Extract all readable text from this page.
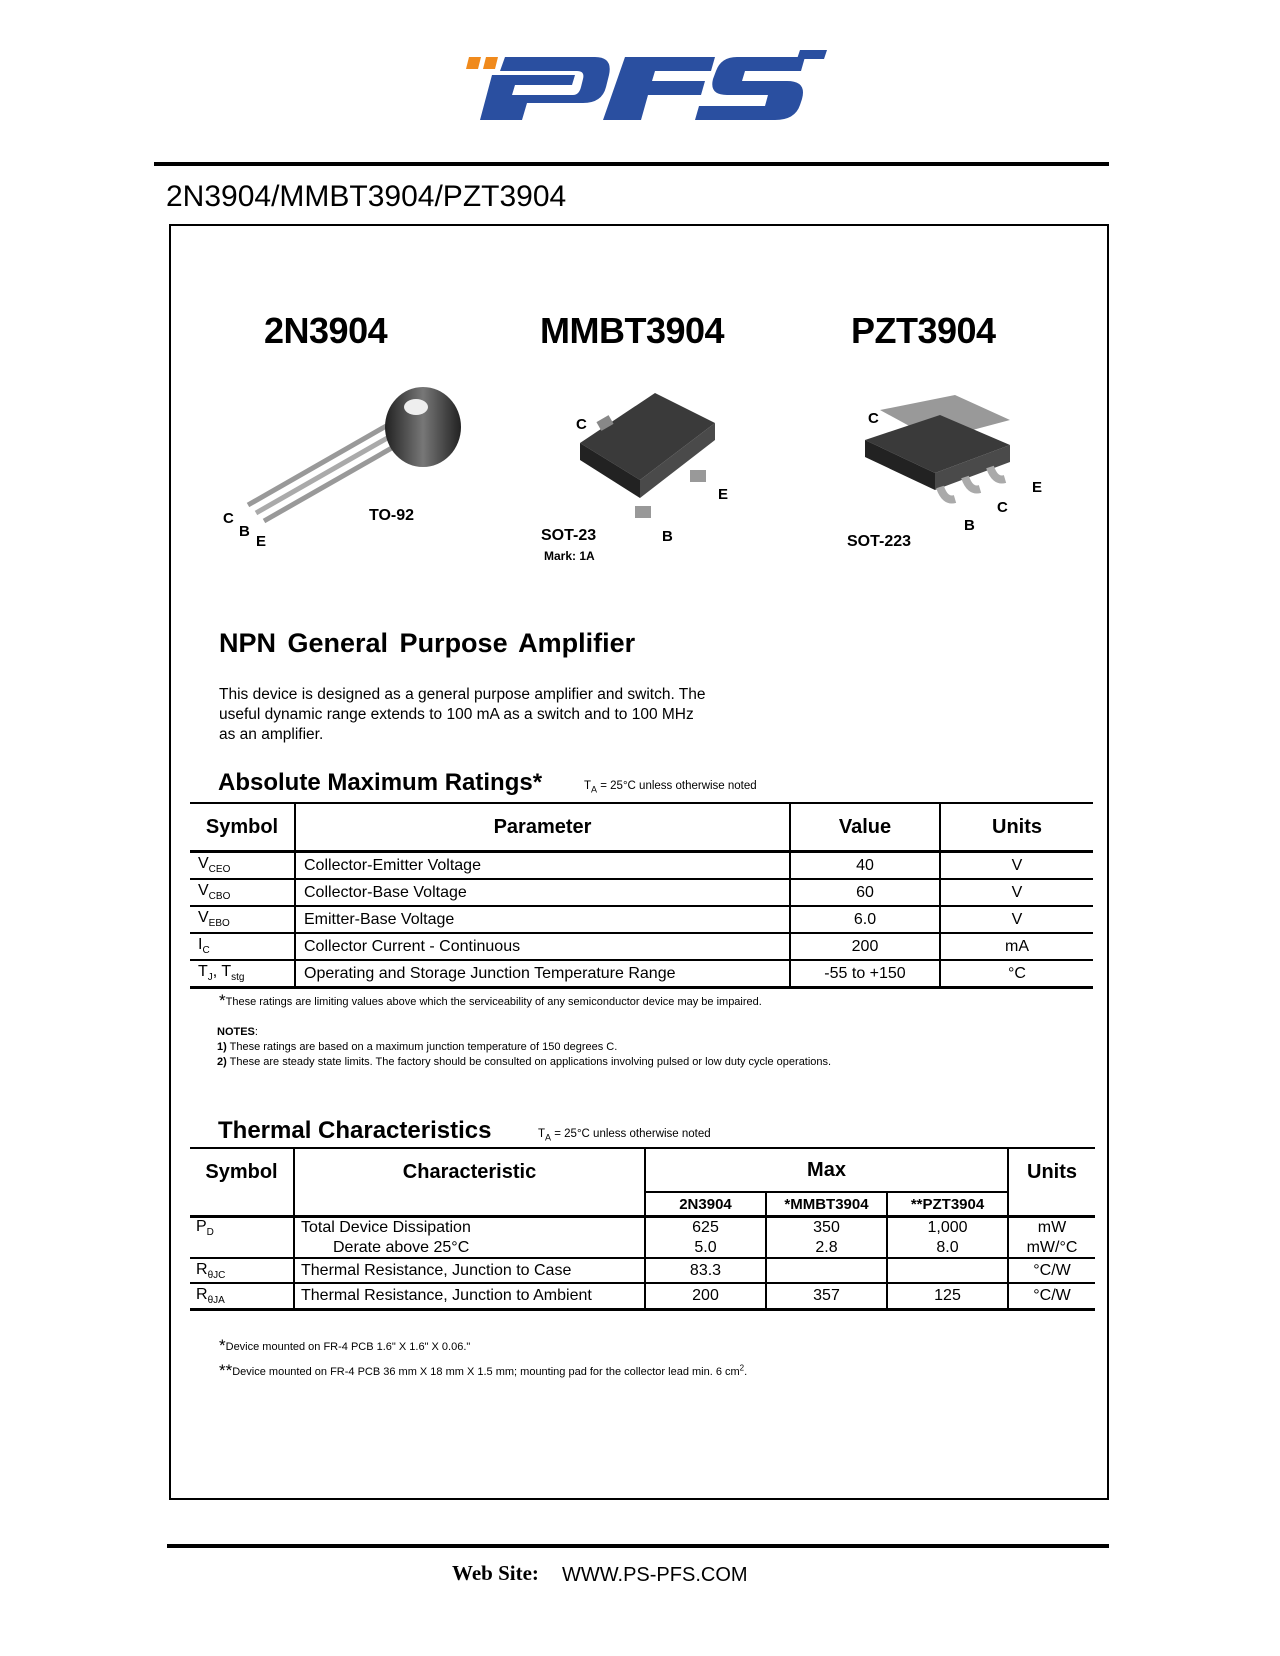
2N3904/MMBT3904/PZT3904
2N3904	MMBT3904	PZT3904
C
B
E
TO-92
C
E
B
SOT-23
Mark: 1A
C
E
C
B
SOT-223
NPN General Purpose Amplifier
This device is designed as a general purpose amplifier and switch. The useful dynamic range extends to 100 mA as a switch and to 100 MHz as an amplifier.
Absolute Maximum Ratings*	$T_A = 25^\circ C$ unless otherwise noted
Symbol	Parameter	Value	Units
$V_{CEO}$	Collector-Emitter Voltage	40	V
$V_{CBO}$	Collector-Base Voltage	60	V
$V_{EBO}$	Emitter-Base Voltage	6.0	V
$I_C$	Collector Current - Continuous	200	mA
$T_J$, $T_{stg}$	Operating and Storage Junction Temperature Range	-55 to +150	°C
*These ratings are limiting values above which the serviceability of any semiconductor device may be impaired.
NOTES:
1) These ratings are based on a maximum junction temperature of 150 degrees C.
2) These are steady state limits. The factory should be consulted on applications involving pulsed or low duty cycle operations.
Thermal Characteristics	$T_A = 25^\circ C$ unless otherwise noted
Symbol	Characteristic	Max			Units
		2N3904	*MMBT3904	**PZT3904	
$P_D$	Total Device Dissipation	625	350	1,000	mW
	Derate above 25°C	5.0	2.8	8.0	mW/°C
$R_{\theta JC}$	Thermal Resistance, Junction to Case	83.3			°C/W
$R_{\theta JA}$	Thermal Resistance, Junction to Ambient	200	357	125	°C/W
*Device mounted on FR-4 PCB 1.6" X 1.6" X 0.06."
**Device mounted on FR-4 PCB 36 mm X 18 mm X 1.5 mm; mounting pad for the collector lead min. 6 $cm^2$.
Web Site: WWW.PS-PFS.COM
